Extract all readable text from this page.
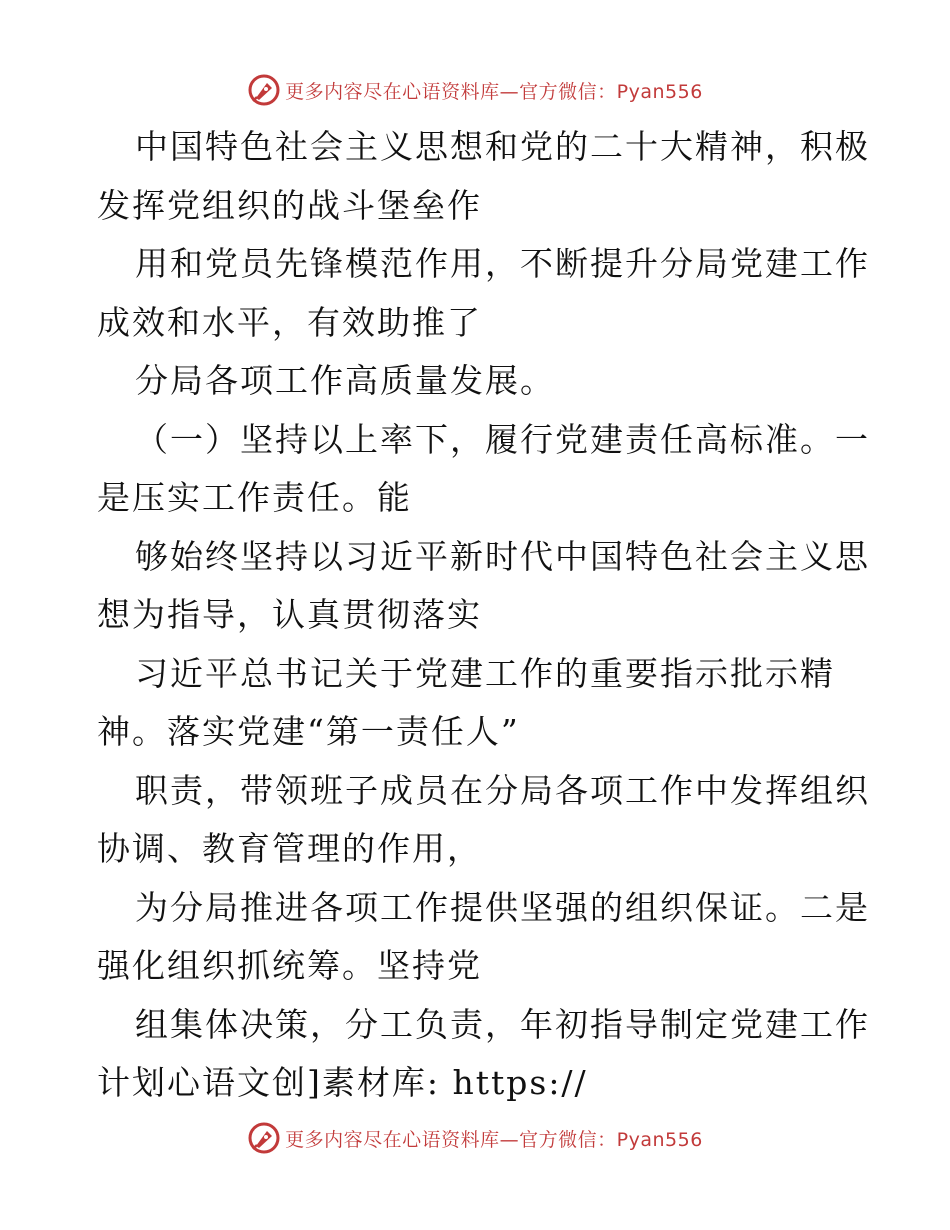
更多内容尽在心语资料库—官方微信：Pyan556
中国特色社会主义思想和党的二十大精神，积极
发挥党组织的战斗堡垒作
用和党员先锋模范作用，不断提升分局党建工作
成效和水平，有效助推了
分局各项工作高质量发展。
（一）坚持以上率下，履行党建责任高标准。一
是压实工作责任。能
够始终坚持以习近平新时代中国特色社会主义思
想为指导，认真贯彻落实
习近平总书记关于党建工作的重要指示批示精
神。落实党建“第一责任人”
职责，带领班子成员在分局各项工作中发挥组织
协调、教育管理的作用，
为分局推进各项工作提供坚强的组织保证。二是
强化组织抓统筹。坚持党
组集体决策，分工负责，年初指导制定党建工作
计划心语文创]素材库: https://
更多内容尽在心语资料库—官方微信：Pyan556
